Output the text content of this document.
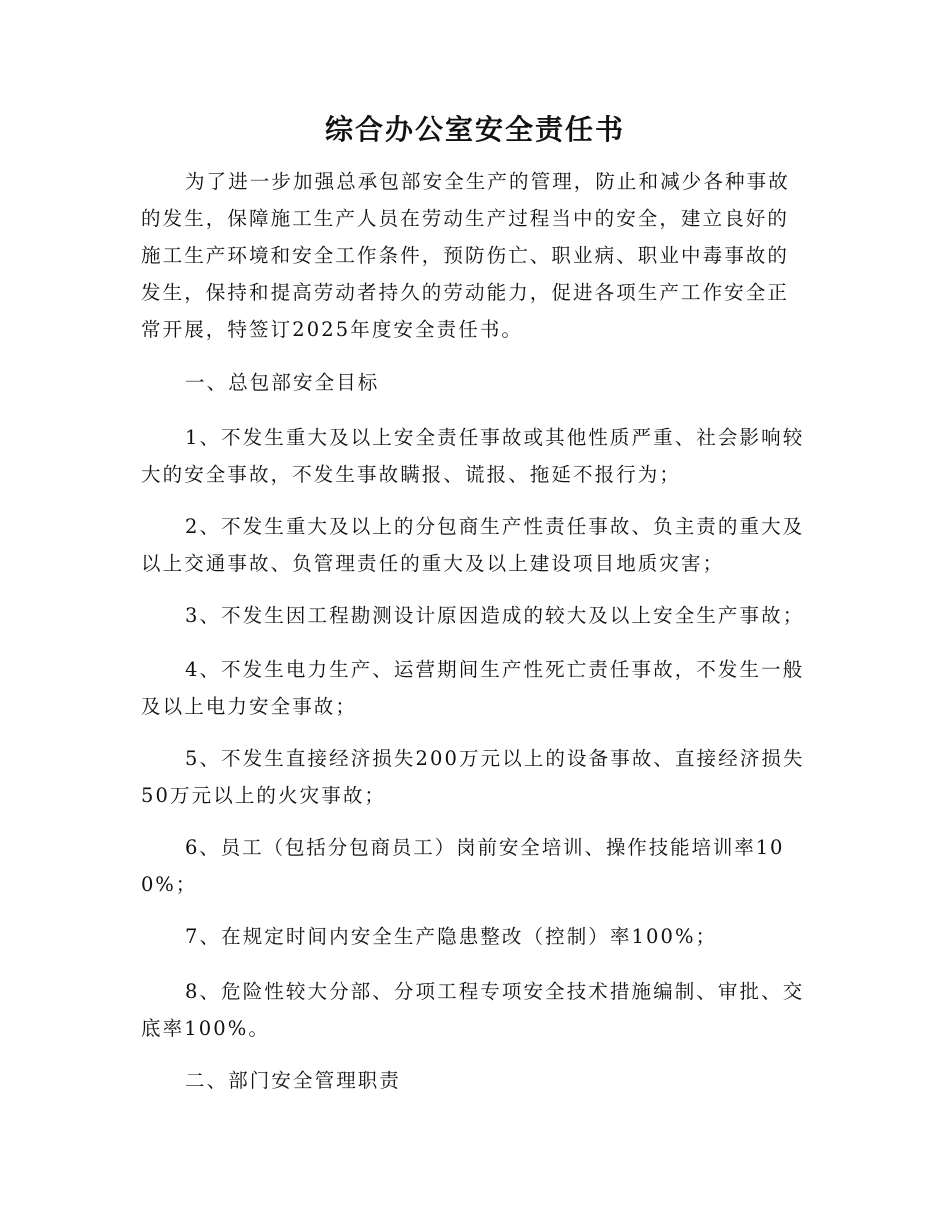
综合办公室安全责任书

为了进一步加强总承包部安全生产的管理，防止和减少各种事故的发生，保障施工生产人员在劳动生产过程当中的安全，建立良好的施工生产环境和安全工作条件，预防伤亡、职业病、职业中毒事故的发生，保持和提高劳动者持久的劳动能力，促进各项生产工作安全正常开展，特签订2025年度安全责任书。

一、总包部安全目标

1、不发生重大及以上安全责任事故或其他性质严重、社会影响较大的安全事故，不发生事故瞒报、谎报、拖延不报行为；

2、不发生重大及以上的分包商生产性责任事故、负主责的重大及以上交通事故、负管理责任的重大及以上建设项目地质灾害；

3、不发生因工程勘测设计原因造成的较大及以上安全生产事故；

4、不发生电力生产、运营期间生产性死亡责任事故，不发生一般及以上电力安全事故；

5、不发生直接经济损失200万元以上的设备事故、直接经济损失50万元以上的火灾事故；

6、员工（包括分包商员工）岗前安全培训、操作技能培训率100%；

7、在规定时间内安全生产隐患整改（控制）率100%；

8、危险性较大分部、分项工程专项安全技术措施编制、审批、交底率100%。

二、部门安全管理职责
